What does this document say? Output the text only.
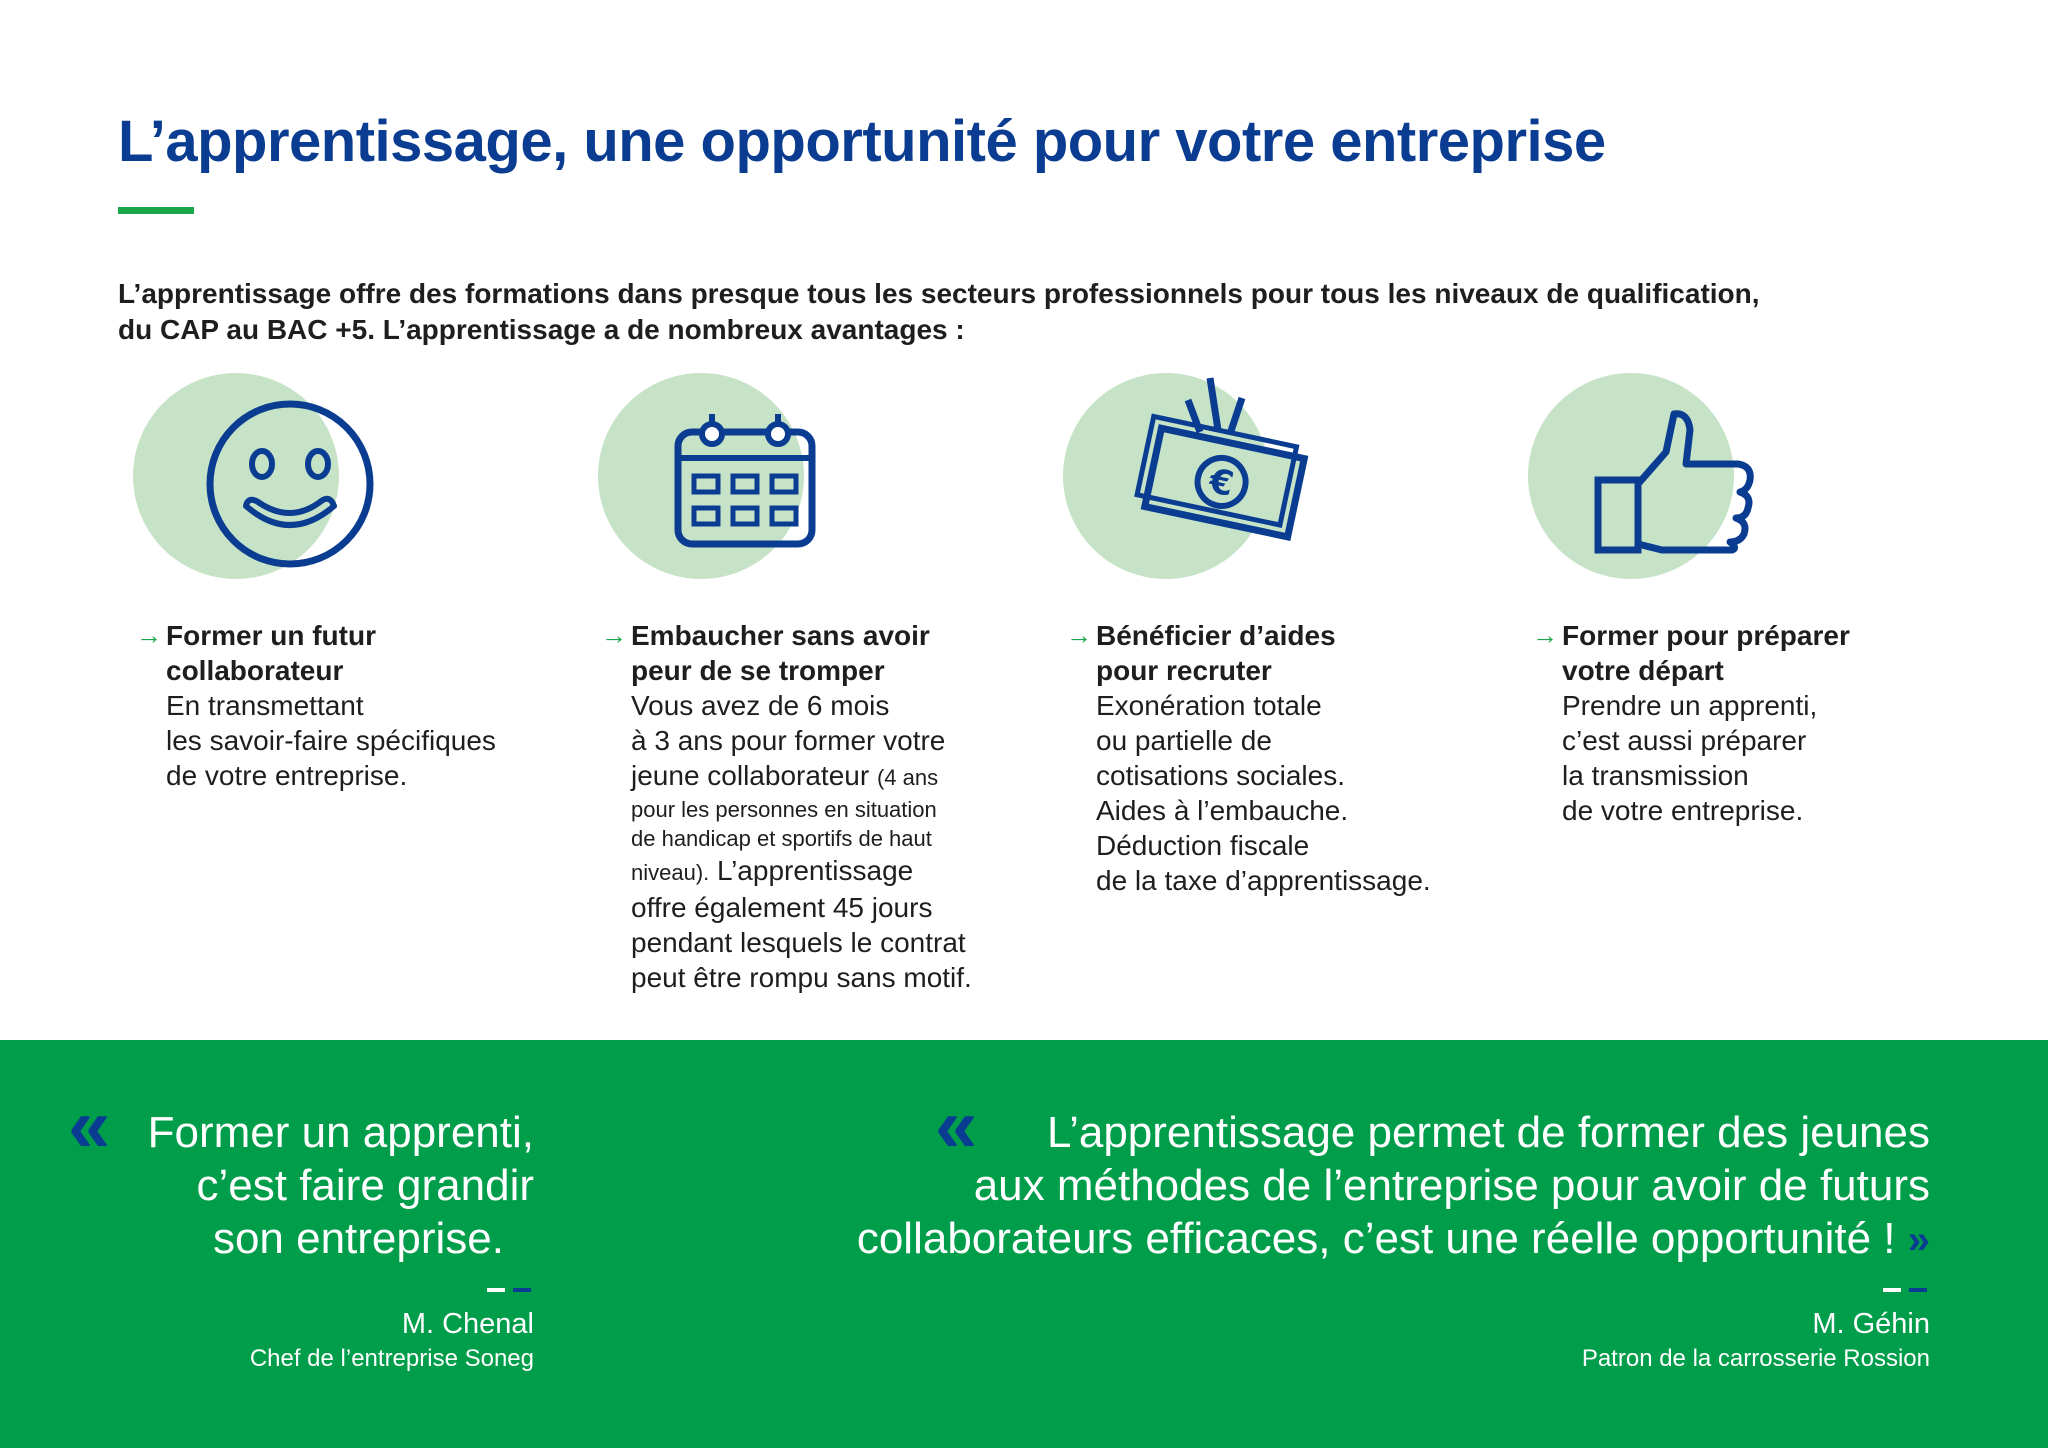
L’apprentissage, une opportunité pour votre entreprise

L’apprentissage offre des formations dans presque tous les secteurs professionnels pour tous les niveaux de qualification,
du CAP au BAC +5. L’apprentissage a de nombreux avantages :

€
→ Former un futur
collaborateur
En transmettant
les savoir-faire spécifiques
de votre entreprise.
→ Embaucher sans avoir
peur de se tromper
Vous avez de 6 mois
à 3 ans pour former votre
jeune collaborateur (4 ans
pour les personnes en situation
de handicap et sportifs de haut
niveau). L’apprentissage
offre également 45 jours
pendant lesquels le contrat
peut être rompu sans motif.
→ Bénéficier d’aides
pour recruter
Exonération totale
ou partielle de
cotisations sociales.
Aides à l’embauche.
Déduction fiscale
de la taxe d’apprentissage.
→ Former pour préparer
votre départ
Prendre un apprenti,
c’est aussi préparer
la transmission
de votre entreprise.
« Former un apprenti,
c’est faire grandir
son entreprise.
M. Chenal
Chef de l’entreprise Soneg
«	L’apprentissage permet de former des jeunes
aux méthodes de l’entreprise pour avoir de futurs
collaborateurs efficaces, c’est une réelle opportunité ! »
M. Géhin
Patron de la carrosserie Rossion
